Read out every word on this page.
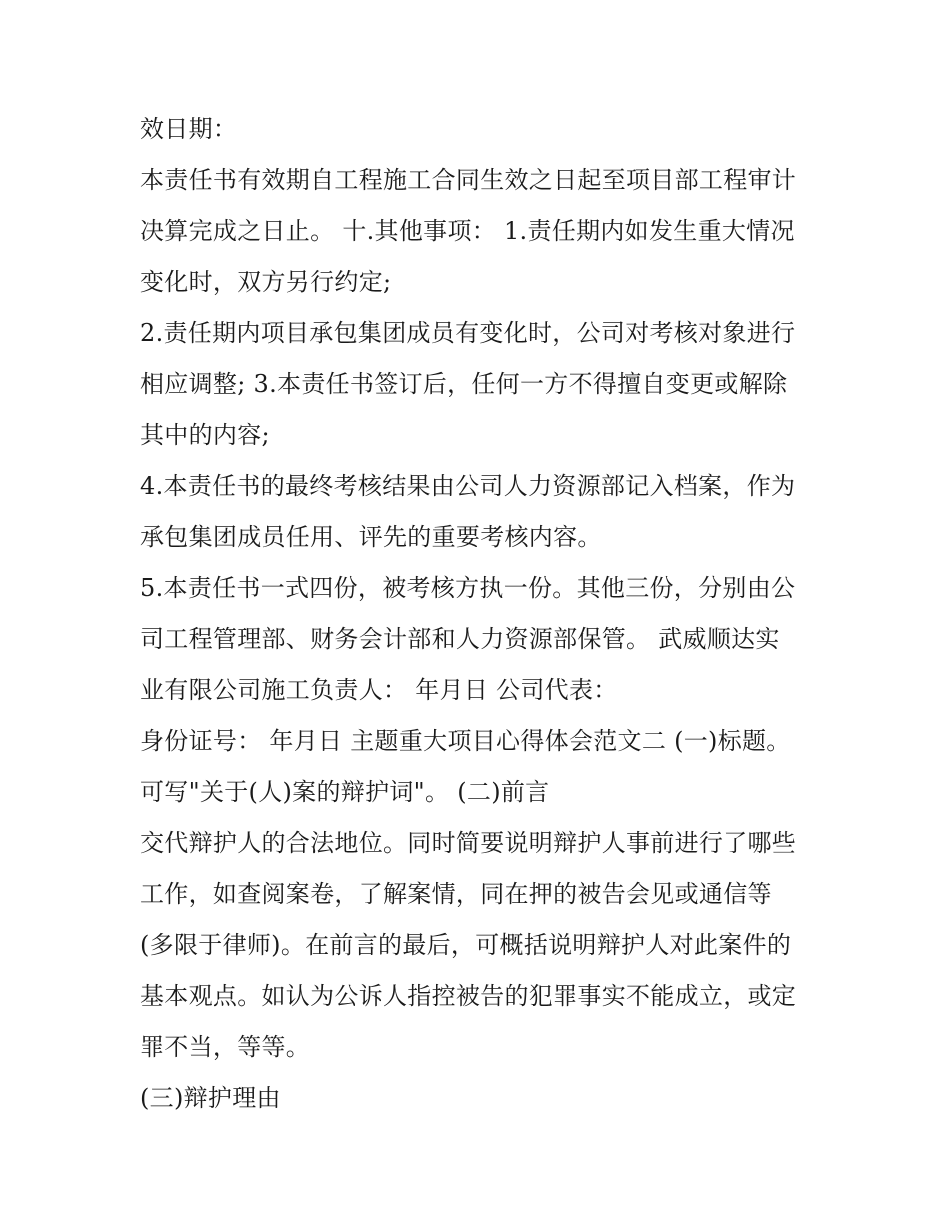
效日期：
本责任书有效期自工程施工合同生效之日起至项目部工程审计
决算完成之日止。 十.其他事项： 1.责任期内如发生重大情况
变化时，双方另行约定;
2.责任期内项目承包集团成员有变化时，公司对考核对象进行
相应调整; 3.本责任书签订后，任何一方不得擅自变更或解除
其中的内容;
4.本责任书的最终考核结果由公司人力资源部记入档案，作为
承包集团成员任用、评先的重要考核内容。
5.本责任书一式四份，被考核方执一份。其他三份，分别由公
司工程管理部、财务会计部和人力资源部保管。 武威顺达实
业有限公司施工负责人： 年月日 公司代表：
身份证号： 年月日 主题重大项目心得体会范文二 (一)标题。
可写"关于(人)案的辩护词"。 (二)前言
交代辩护人的合法地位。同时简要说明辩护人事前进行了哪些
工作，如查阅案卷，了解案情，同在押的被告会见或通信等
(多限于律师)。在前言的最后，可概括说明辩护人对此案件的
基本观点。如认为公诉人指控被告的犯罪事实不能成立，或定
罪不当，等等。
(三)辩护理由
